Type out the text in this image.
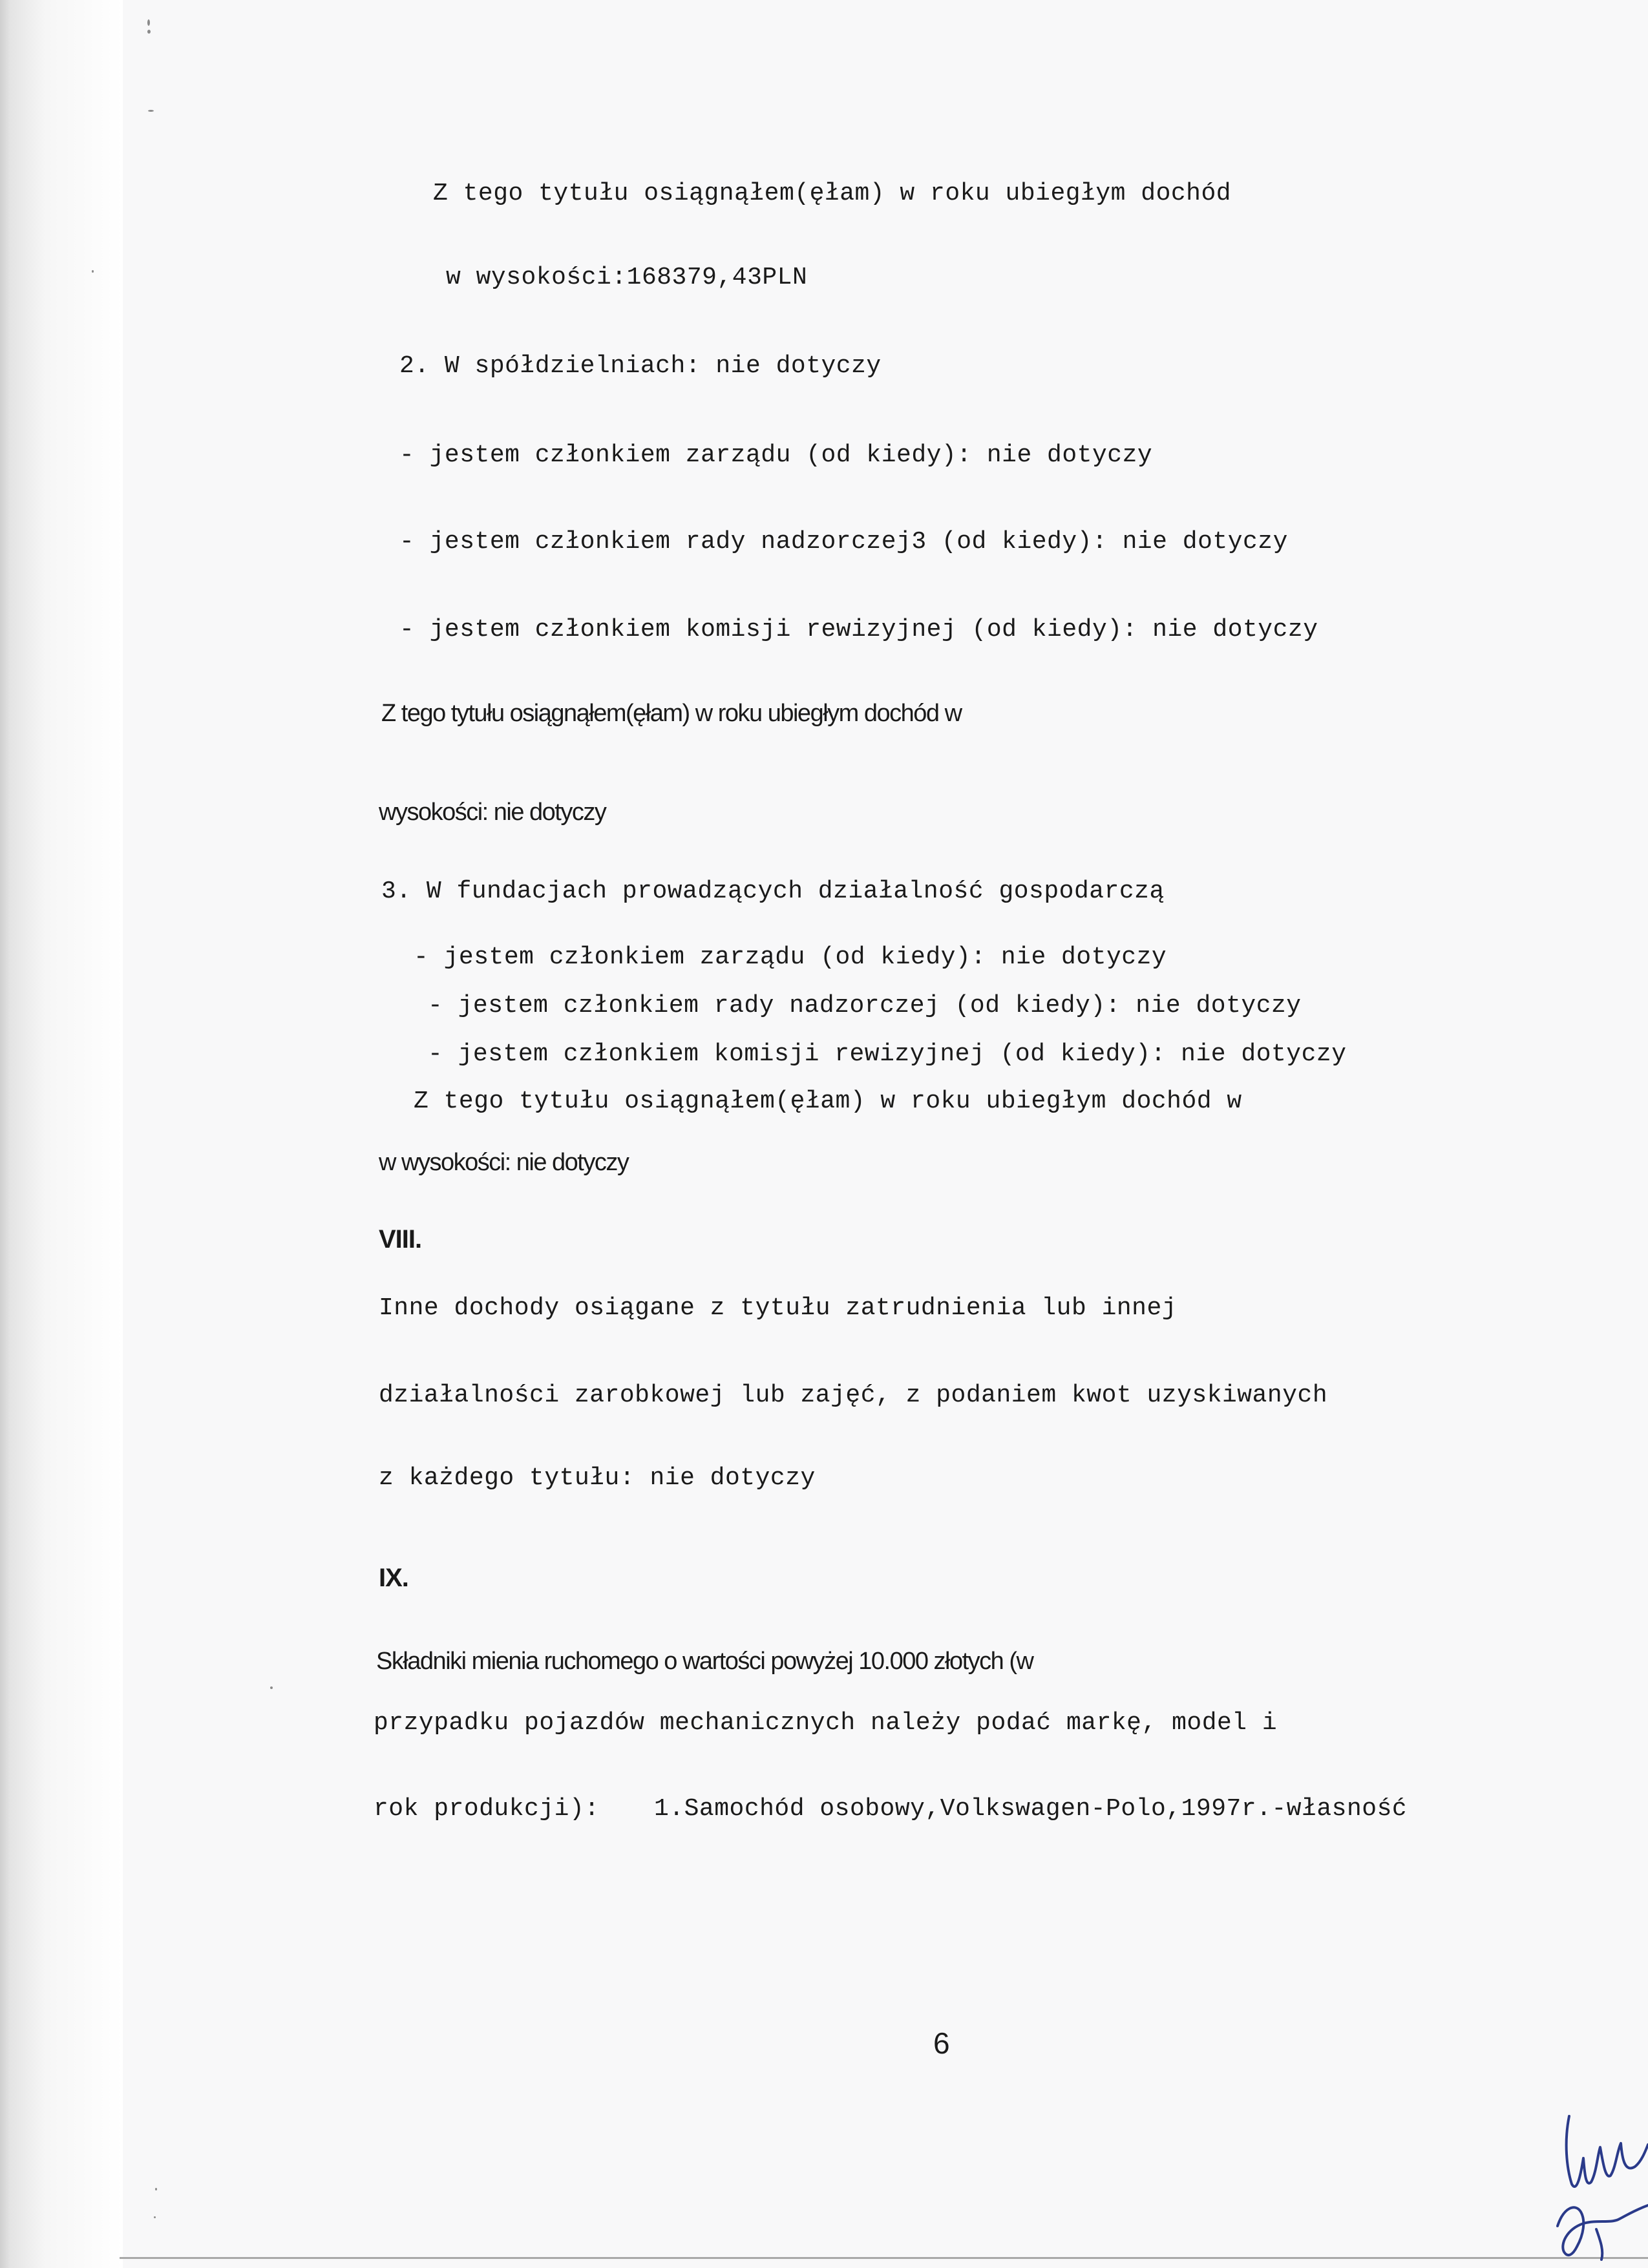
Z tego tytułu osiągnąłem(ęłam) w roku ubiegłym dochód
w wysokości:168379,43PLN
2. W spółdzielniach: nie dotyczy
- jestem członkiem zarządu (od kiedy): nie dotyczy
- jestem członkiem rady nadzorczej3 (od kiedy): nie dotyczy
- jestem członkiem komisji rewizyjnej (od kiedy): nie dotyczy
Z tego tytułu osiągnąłem(ęłam) w roku ubiegłym dochód w
wysokości: nie dotyczy
3. W fundacjach prowadzących działalność gospodarczą
- jestem członkiem zarządu (od kiedy): nie dotyczy
- jestem członkiem rady nadzorczej (od kiedy): nie dotyczy
- jestem członkiem komisji rewizyjnej (od kiedy): nie dotyczy
Z tego tytułu osiągnąłem(ęłam) w roku ubiegłym dochód w
w wysokości: nie dotyczy
VIII.
Inne dochody osiągane z tytułu zatrudnienia lub innej
działalności zarobkowej lub zajęć, z podaniem kwot uzyskiwanych
z każdego tytułu: nie dotyczy
IX.
Składniki mienia ruchomego o wartości powyżej 10.000 złotych (w
przypadku pojazdów mechanicznych należy podać markę, model i
rok produkcji): 1.Samochód osobowy,Volkswagen-Polo,1997r.-własność
6
